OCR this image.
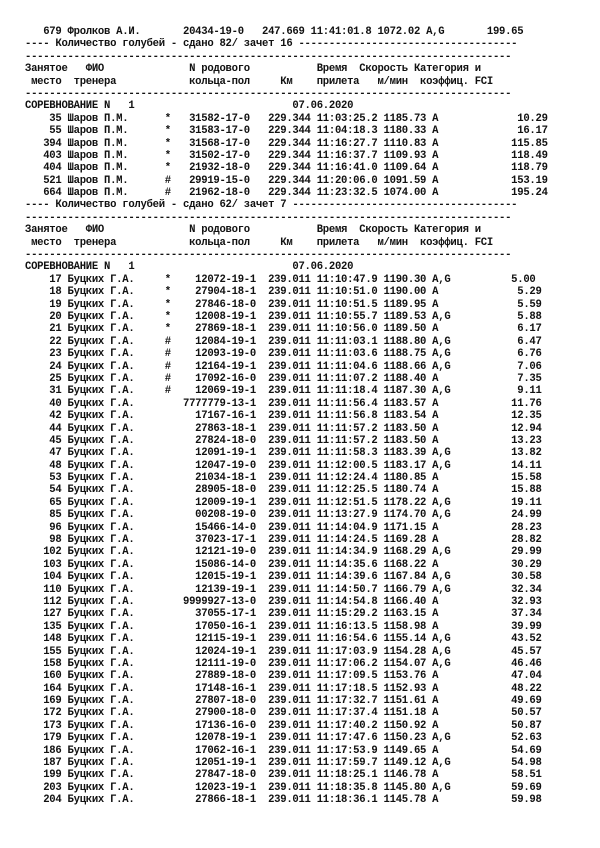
679 Фролков А.И.       20434-19-0   247.669 11:41:01.8 1072.02 A,G       199.65
---- Количество голубей - сдано 82/ зачет 16 ------------------------------------
--------------------------------------------------------------------------------
Занятое   ФИО              N родового           Время  Скорость Категория и
место  тренера            кольца-пол     Км    прилета   м/мин  коэффиц. FCI
--------------------------------------------------------------------------------
СОРЕВНОВАНИЕ N   1                          07.06.2020
35 Шаров П.М.      *   31582-17-0   229.344 11:03:25.2 1185.73 A             10.29
55 Шаров П.М.      *   31583-17-0   229.344 11:04:18.3 1180.33 A             16.17
394 Шаров П.М.      *   31568-17-0   229.344 11:16:27.7 1110.83 A            115.85
403 Шаров П.М.      *   31502-17-0   229.344 11:16:37.7 1109.93 A            118.49
404 Шаров П.М.      *   21932-18-0   229.344 11:16:41.0 1109.64 A            118.79
521 Шаров П.М.      #   29919-15-0   229.344 11:20:06.0 1091.59 A            153.19
664 Шаров П.М.      #   21962-18-0   229.344 11:23:32.5 1074.00 A            195.24
---- Количество голубей - сдано 62/ зачет 7 -------------------------------------
--------------------------------------------------------------------------------
Занятое   ФИО              N родового           Время  Скорость Категория и
место  тренера            кольца-пол     Км    прилета   м/мин  коэффиц. FCI
--------------------------------------------------------------------------------
СОРЕВНОВАНИЕ N   1                          07.06.2020
17 Буцких Г.А.     *    12072-19-1  239.011 11:10:47.9 1190.30 A,G          5.00
18 Буцких Г.А.     *    27904-18-1  239.011 11:10:51.0 1190.00 A             5.29
19 Буцких Г.А.     *    27846-18-0  239.011 11:10:51.5 1189.95 A             5.59
20 Буцких Г.А.     *    12008-19-1  239.011 11:10:55.7 1189.53 A,G           5.88
21 Буцких Г.А.     *    27869-18-1  239.011 11:10:56.0 1189.50 A             6.17
22 Буцких Г.А.     #    12084-19-1  239.011 11:11:03.1 1188.80 A,G           6.47
23 Буцких Г.А.     #    12093-19-0  239.011 11:11:03.6 1188.75 A,G           6.76
24 Буцких Г.А.     #    12164-19-1  239.011 11:11:04.6 1188.66 A,G           7.06
25 Буцких Г.А.     #    17092-16-0  239.011 11:11:07.2 1188.40 A             7.35
31 Буцких Г.А.     #    12069-19-1  239.011 11:11:18.4 1187.30 A,G           9.11
40 Буцких Г.А.        7777779-13-1  239.011 11:11:56.4 1183.57 A            11.76
42 Буцких Г.А.          17167-16-1  239.011 11:11:56.8 1183.54 A            12.35
44 Буцких Г.А.          27863-18-1  239.011 11:11:57.2 1183.50 A            12.94
45 Буцких Г.А.          27824-18-0  239.011 11:11:57.2 1183.50 A            13.23
47 Буцких Г.А.          12091-19-1  239.011 11:11:58.3 1183.39 A,G          13.82
48 Буцких Г.А.          12047-19-0  239.011 11:12:00.5 1183.17 A,G          14.11
53 Буцких Г.А.          21034-18-1  239.011 11:12:24.4 1180.85 A            15.58
54 Буцких Г.А.          28905-18-0  239.011 11:12:25.5 1180.74 A            15.88
65 Буцких Г.А.          12009-19-1  239.011 11:12:51.5 1178.22 A,G          19.11
85 Буцких Г.А.          00208-19-0  239.011 11:13:27.9 1174.70 A,G          24.99
96 Буцких Г.А.          15466-14-0  239.011 11:14:04.9 1171.15 A            28.23
98 Буцких Г.А.          37023-17-1  239.011 11:14:24.5 1169.28 A            28.82
102 Буцких Г.А.          12121-19-0  239.011 11:14:34.9 1168.29 A,G          29.99
103 Буцких Г.А.          15086-14-0  239.011 11:14:35.6 1168.22 A            30.29
104 Буцких Г.А.          12015-19-1  239.011 11:14:39.6 1167.84 A,G          30.58
110 Буцких Г.А.          12139-19-1  239.011 11:14:50.7 1166.79 A,G          32.34
112 Буцких Г.А.        9999927-13-0  239.011 11:14:54.8 1166.40 A            32.93
127 Буцких Г.А.          37055-17-1  239.011 11:15:29.2 1163.15 A            37.34
135 Буцких Г.А.          17050-16-1  239.011 11:16:13.5 1158.98 A            39.99
148 Буцких Г.А.          12115-19-1  239.011 11:16:54.6 1155.14 A,G          43.52
155 Буцких Г.А.          12024-19-1  239.011 11:17:03.9 1154.28 A,G          45.57
158 Буцких Г.А.          12111-19-0  239.011 11:17:06.2 1154.07 A,G          46.46
160 Буцких Г.А.          27889-18-0  239.011 11:17:09.5 1153.76 A            47.04
164 Буцких Г.А.          17148-16-1  239.011 11:17:18.5 1152.93 A            48.22
169 Буцких Г.А.          27807-18-0  239.011 11:17:32.7 1151.61 A            49.69
172 Буцких Г.А.          27900-18-0  239.011 11:17:37.4 1151.18 A            50.57
173 Буцких Г.А.          17136-16-0  239.011 11:17:40.2 1150.92 A            50.87
179 Буцких Г.А.          12078-19-1  239.011 11:17:47.6 1150.23 A,G          52.63
186 Буцких Г.А.          17062-16-1  239.011 11:17:53.9 1149.65 A            54.69
187 Буцких Г.А.          12051-19-1  239.011 11:17:59.7 1149.12 A,G          54.98
199 Буцких Г.А.          27847-18-0  239.011 11:18:25.1 1146.78 A            58.51
203 Буцких Г.А.          12023-19-1  239.011 11:18:35.8 1145.80 A,G          59.69
204 Буцких Г.А.          27866-18-1  239.011 11:18:36.1 1145.78 A            59.98
